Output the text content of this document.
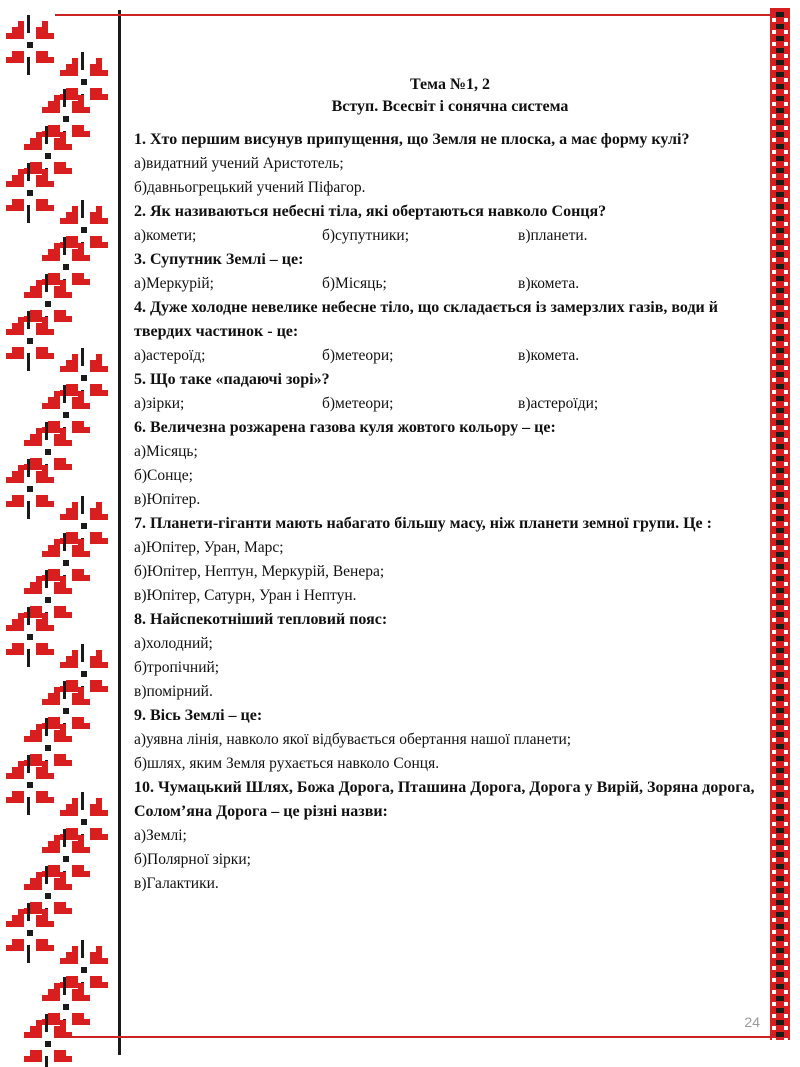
Тема №1, 2
Вступ. Всесвіт і сонячна система
1. Хто першим висунув припущення, що Земля не плоска, а має форму кулі?
а)видатний учений Аристотель;
б)давньогрецький учений Піфагор.
2. Як називаються небесні тіла, які обертаються навколо Сонця?
а)комети;	б)супутники;	в)планети.
3. Супутник Землі – це:
а)Меркурій;	б)Місяць;	в)комета.
4. Дуже холодне невелике небесне тіло, що складається із замерзлих газів, води й твердих частинок - це:
а)астероїд;	б)метеори;	в)комета.
5. Що таке «падаючі зорі»?
а)зірки;	б)метеори;	в)астероїди;
6. Величезна розжарена газова куля жовтого кольору – це:
а)Місяць;
б)Сонце;
в)Юпітер.
7. Планети-гіганти мають набагато більшу масу, ніж планети земної групи. Це :
а)Юпітер, Уран, Марс;
б)Юпітер, Нептун, Меркурій, Венера;
в)Юпітер, Сатурн, Уран і Нептун.
8. Найспекотніший тепловий пояс:
а)холодний;
б)тропічний;
в)помірний.
9. Вісь Землі – це:
а)уявна лінія, навколо якої відбувається обертання нашої планети;
б)шлях, яким Земля рухається навколо Сонця.
10. Чумацький Шлях, Божа Дорога, Пташина Дорога, Дорога у Вирій, Зоряна дорога, Солом’яна Дорога – це різні назви:
а)Землі;
б)Полярної зірки;
в)Галактики.
24
